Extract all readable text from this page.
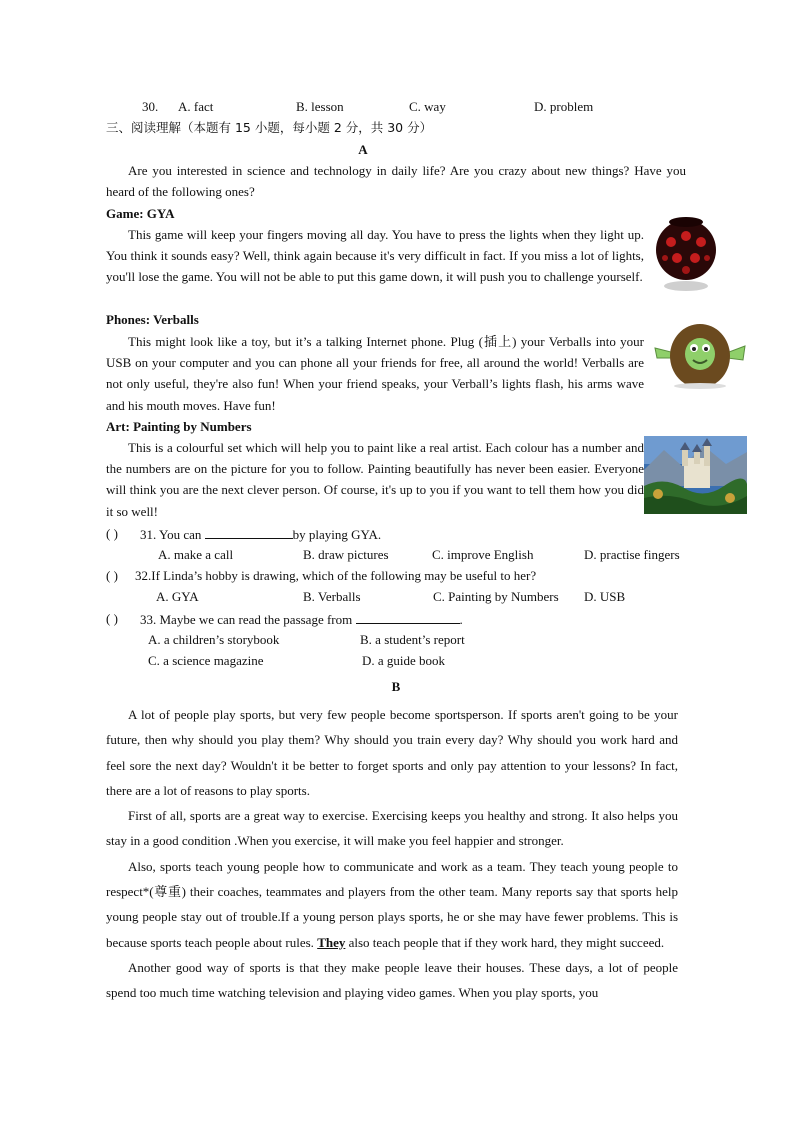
30. A. fact	B. lesson	C. way	D. problem
三、阅读理解（本题有 15 小题，每小题 2 分，共 30 分）
A

Are you interested in science and technology in daily life? Are you crazy about new things? Have you heard of the following ones?

Game: GYA

This game will keep your fingers moving all day. You have to press the lights when they light up. You think it sounds easy? Well, think again because it's very difficult in fact. If you miss a lot of lights, you'll lose the game. You will not be able to put this game down, it will push you to challenge yourself.

Phones: Verballs

This might look like a toy, but it’s a talking Internet phone. Plug (插上) your Verballs into your USB on your computer and you can phone all your friends for free, all around the world! Verballs are not only useful, they're also fun! When your friend speaks, your Verball’s lights flash, his arms wave and his mouth moves. Have fun!

Art: Painting by Numbers

This is a colourful set which will help you to paint like a real artist. Each colour has a number and the numbers are on the picture for you to follow. Painting beautifully has never been easier. Everyone will think you are the next clever person. Of course, it's up to you if you want to tell them how you did it so well!

( ) 31. You can	by playing GYA.
A. make a call	B. draw pictures	C. improve English	D. practise fingers
( ) 32.If Linda’s hobby is drawing, which of the following may be useful to her?
A. GYA	B. Verballs	C. Painting by Numbers D. USB
( ) 33. Maybe we can read the passage from	.
A. a children’s storybook	B. a student’s report
C. a science magazine	D. a guide book
B

A lot of people play sports, but very few people become sportsperson. If sports aren't going to be your future, then why should you play them? Why should you train every day? Why should you work hard and feel sore the next day? Wouldn't it be better to forget sports and only pay attention to your lessons? In fact, there are a lot of reasons to play sports.

First of all, sports are a great way to exercise. Exercising keeps you healthy and strong. It also helps you stay in a good condition .When you exercise, it will make you feel happier and stronger.

Also, sports teach young people how to communicate and work as a team. They teach young people to respect*(尊重) their coaches, teammates and players from the other team. Many reports say that sports help young people stay out of trouble.If a young person plays sports, he or she may have fewer problems. This is because sports teach people about rules. They also teach people that if they work hard, they might succeed.

Another good way of sports is that they make people leave their houses. These days, a lot of people spend too much time watching television and playing video games. When you play sports, you
